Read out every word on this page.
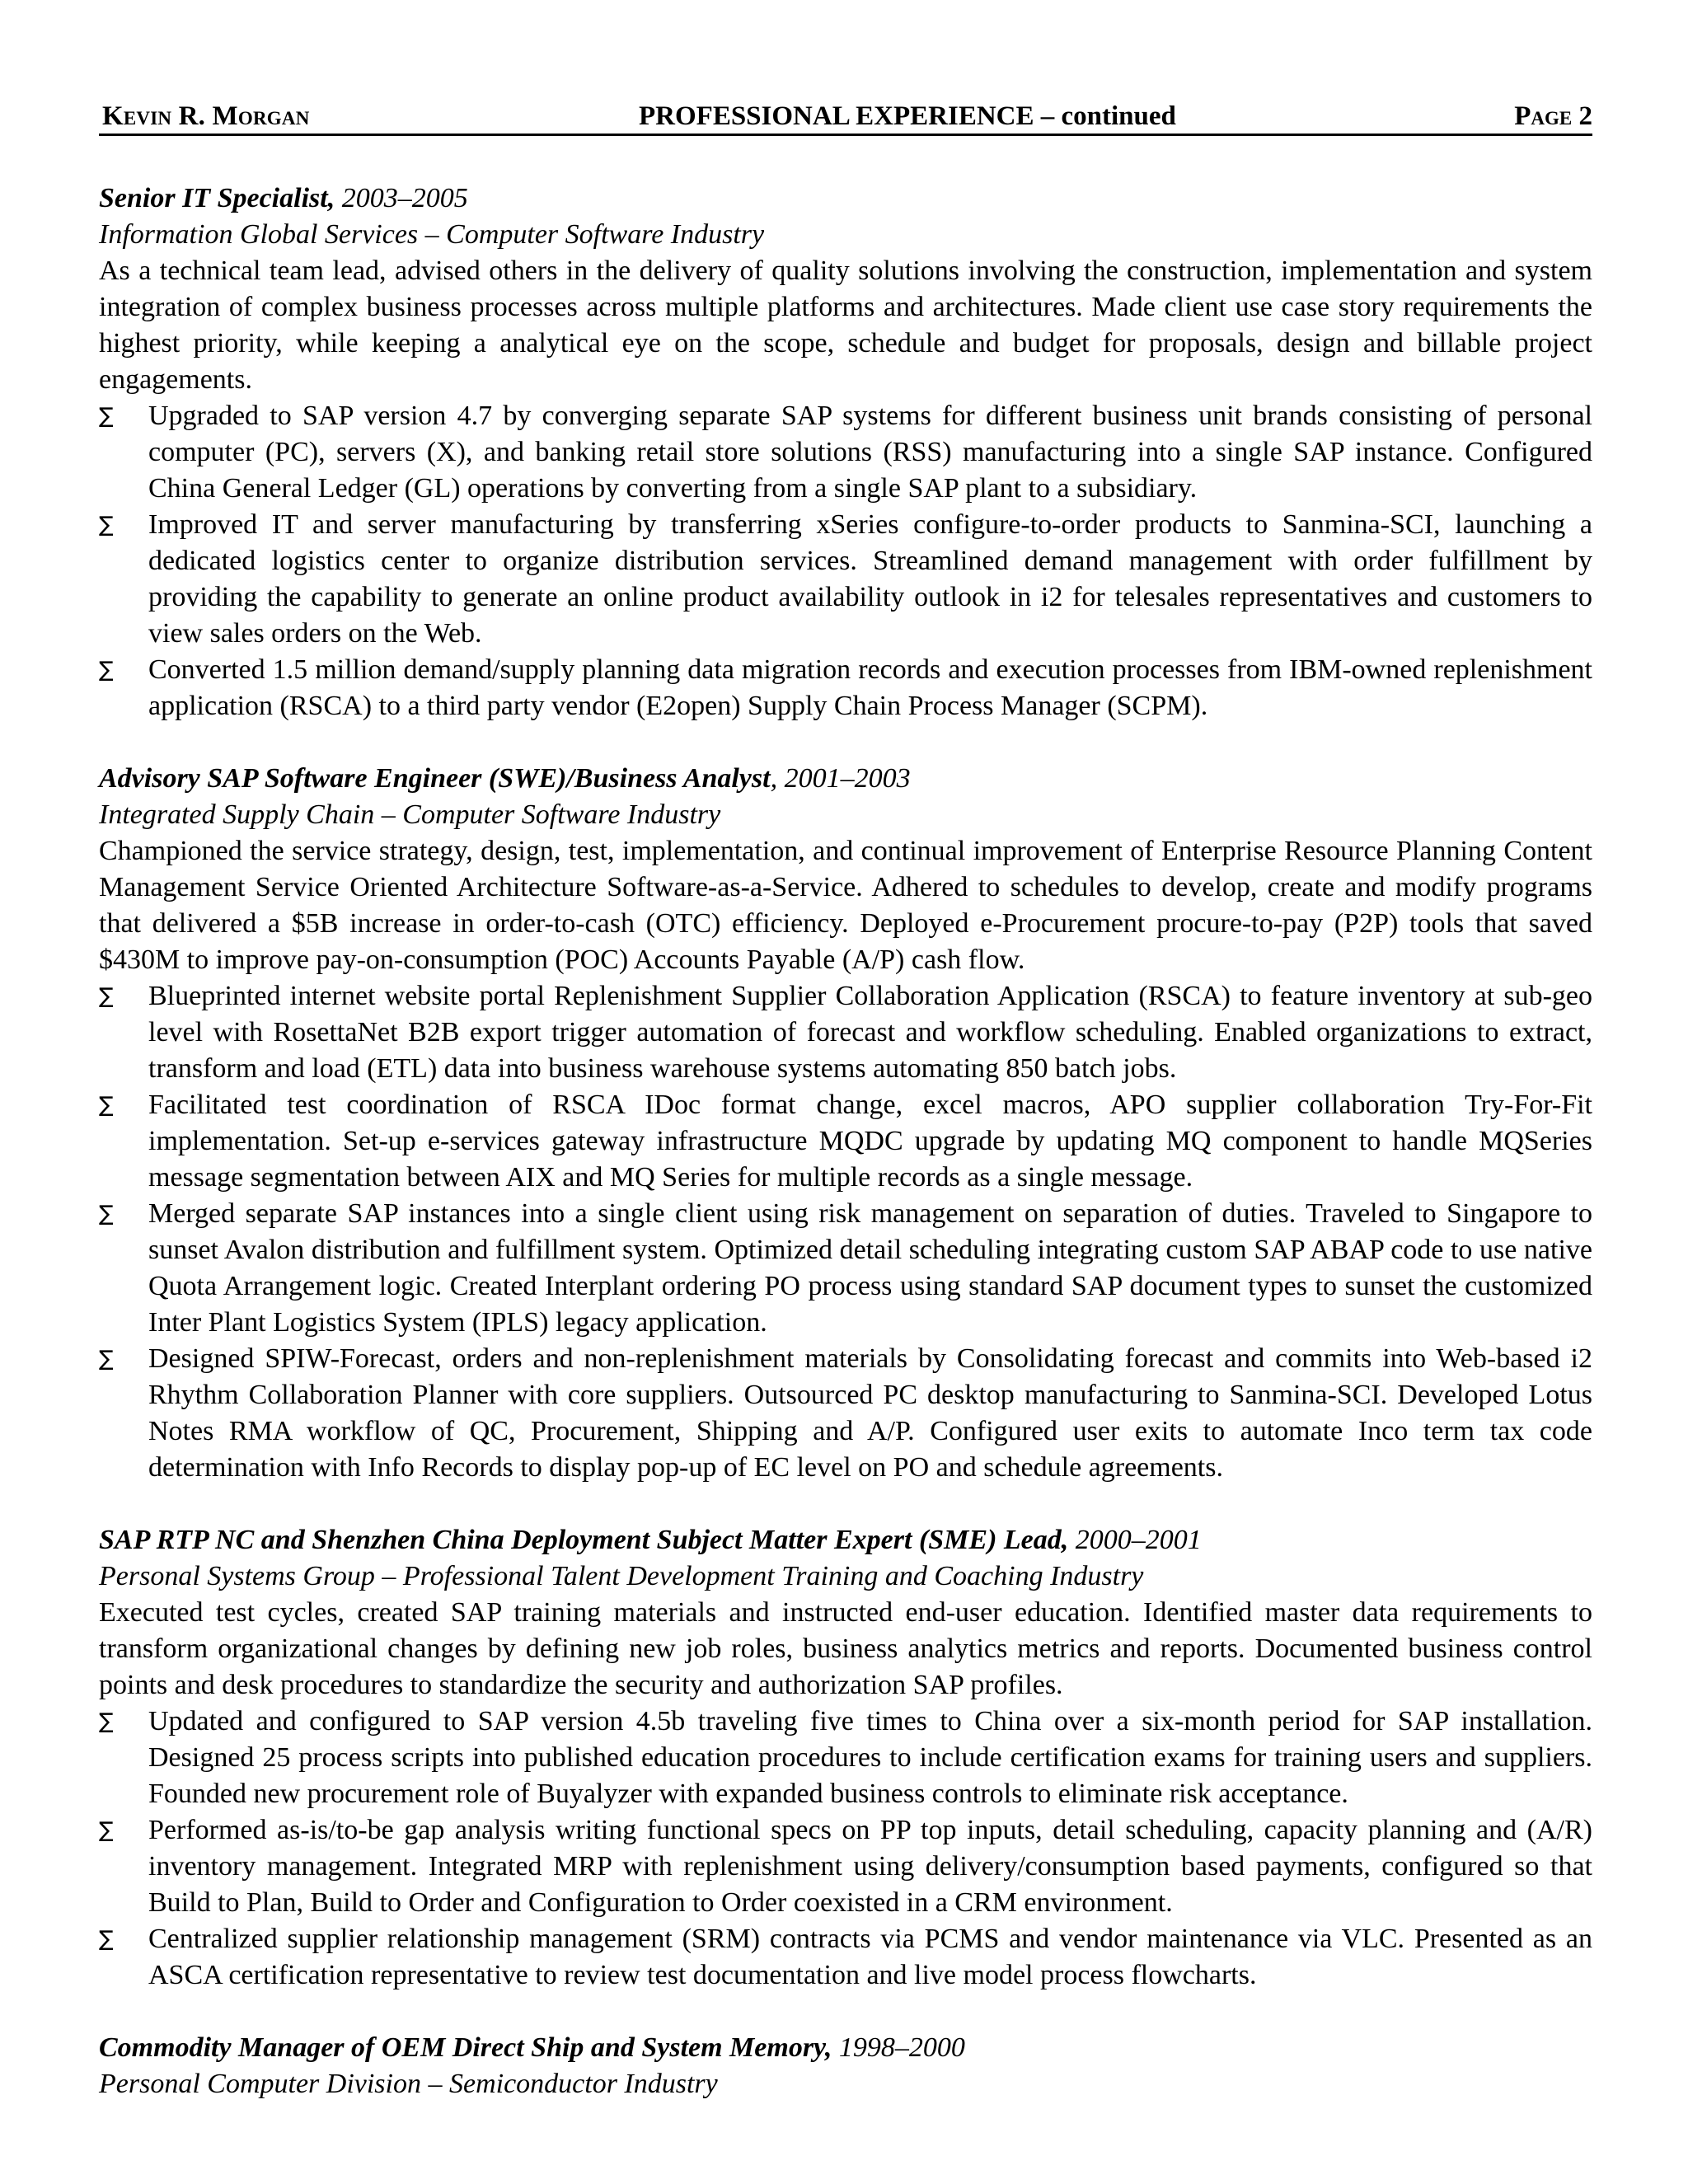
Kevin R. Morgan	PROFESSIONAL EXPERIENCE – continued	Page 2
Senior IT Specialist, 2003–2005
Information Global Services – Computer Software Industry
As a technical team lead, advised others in the delivery of quality solutions involving the construction, implementation and system integration of complex business processes across multiple platforms and architectures. Made client use case story requirements the highest priority, while keeping a analytical eye on the scope, schedule and budget for proposals, design and billable project engagements.
∑ Upgraded to SAP version 4.7 by converging separate SAP systems for different business unit brands consisting of personal computer (PC), servers (X), and banking retail store solutions (RSS) manufacturing into a single SAP instance. Configured China General Ledger (GL) operations by converting from a single SAP plant to a subsidiary.
∑ Improved IT and server manufacturing by transferring xSeries configure-to-order products to Sanmina-SCI, launching a dedicated logistics center to organize distribution services. Streamlined demand management with order fulfillment by providing the capability to generate an online product availability outlook in i2 for telesales representatives and customers to view sales orders on the Web.
∑ Converted 1.5 million demand/supply planning data migration records and execution processes from IBM-owned replenishment application (RSCA) to a third party vendor (E2open) Supply Chain Process Manager (SCPM).
Advisory SAP Software Engineer (SWE)/Business Analyst, 2001–2003
Integrated Supply Chain – Computer Software Industry
Championed the service strategy, design, test, implementation, and continual improvement of Enterprise Resource Planning Content Management Service Oriented Architecture Software-as-a-Service. Adhered to schedules to develop, create and modify programs that delivered a $5B increase in order-to-cash (OTC) efficiency. Deployed e-Procurement procure-to-pay (P2P) tools that saved $430M to improve pay-on-consumption (POC) Accounts Payable (A/P) cash flow.
∑ Blueprinted internet website portal Replenishment Supplier Collaboration Application (RSCA) to feature inventory at sub-geo level with RosettaNet B2B export trigger automation of forecast and workflow scheduling. Enabled organizations to extract, transform and load (ETL) data into business warehouse systems automating 850 batch jobs.
∑ Facilitated test coordination of RSCA IDoc format change, excel macros, APO supplier collaboration Try-For-Fit implementation. Set-up e-services gateway infrastructure MQDC upgrade by updating MQ component to handle MQSeries message segmentation between AIX and MQ Series for multiple records as a single message.
∑ Merged separate SAP instances into a single client using risk management on separation of duties. Traveled to Singapore to sunset Avalon distribution and fulfillment system. Optimized detail scheduling integrating custom SAP ABAP code to use native Quota Arrangement logic. Created Interplant ordering PO process using standard SAP document types to sunset the customized Inter Plant Logistics System (IPLS) legacy application.
∑ Designed SPIW-Forecast, orders and non-replenishment materials by Consolidating forecast and commits into Web-based i2 Rhythm Collaboration Planner with core suppliers. Outsourced PC desktop manufacturing to Sanmina-SCI. Developed Lotus Notes RMA workflow of QC, Procurement, Shipping and A/P. Configured user exits to automate Inco term tax code determination with Info Records to display pop-up of EC level on PO and schedule agreements.
SAP RTP NC and Shenzhen China Deployment Subject Matter Expert (SME) Lead, 2000–2001
Personal Systems Group – Professional Talent Development Training and Coaching Industry
Executed test cycles, created SAP training materials and instructed end-user education. Identified master data requirements to transform organizational changes by defining new job roles, business analytics metrics and reports. Documented business control points and desk procedures to standardize the security and authorization SAP profiles.
∑ Updated and configured to SAP version 4.5b traveling five times to China over a six-month period for SAP installation. Designed 25 process scripts into published education procedures to include certification exams for training users and suppliers. Founded new procurement role of Buyalyzer with expanded business controls to eliminate risk acceptance.
∑ Performed as-is/to-be gap analysis writing functional specs on PP top inputs, detail scheduling, capacity planning and (A/R) inventory management. Integrated MRP with replenishment using delivery/consumption based payments, configured so that Build to Plan, Build to Order and Configuration to Order coexisted in a CRM environment.
∑ Centralized supplier relationship management (SRM) contracts via PCMS and vendor maintenance via VLC. Presented as an ASCA certification representative to review test documentation and live model process flowcharts.
Commodity Manager of OEM Direct Ship and System Memory, 1998–2000
Personal Computer Division – Semiconductor Industry
